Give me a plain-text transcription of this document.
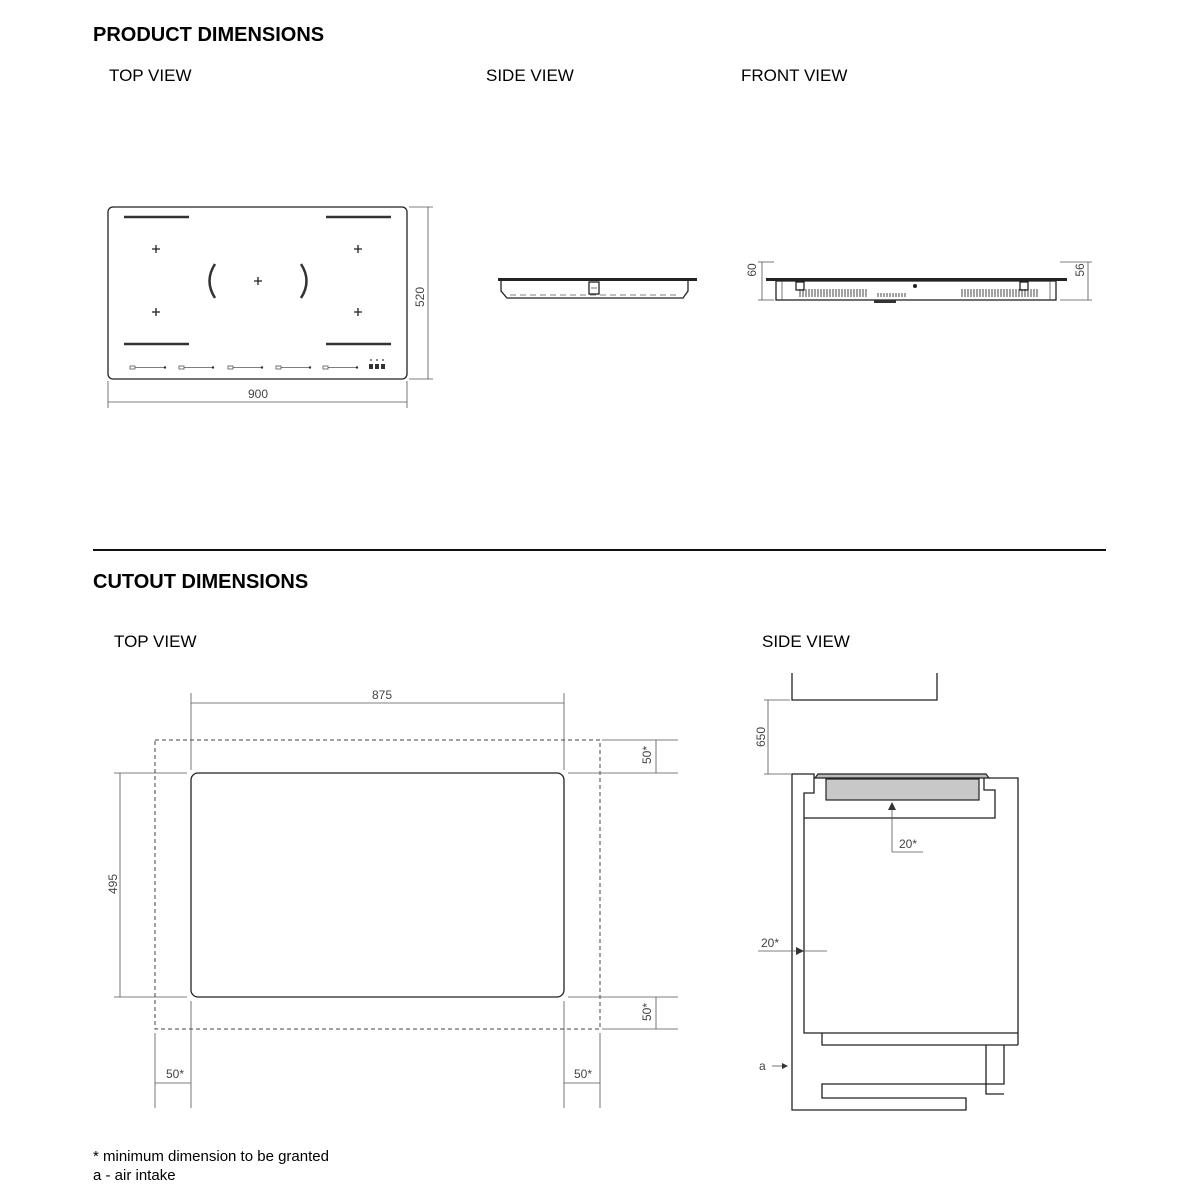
PRODUCT DIMENSIONS
TOP VIEW	SIDE VIEW	FRONT VIEW
CUTOUT DIMENSIONS
TOP VIEW	SIDE VIEW
* minimum dimension to be granted
a - air intake
900
520
60	56
875
495
50*
50*
50*	50*
650
20*
20*
a
